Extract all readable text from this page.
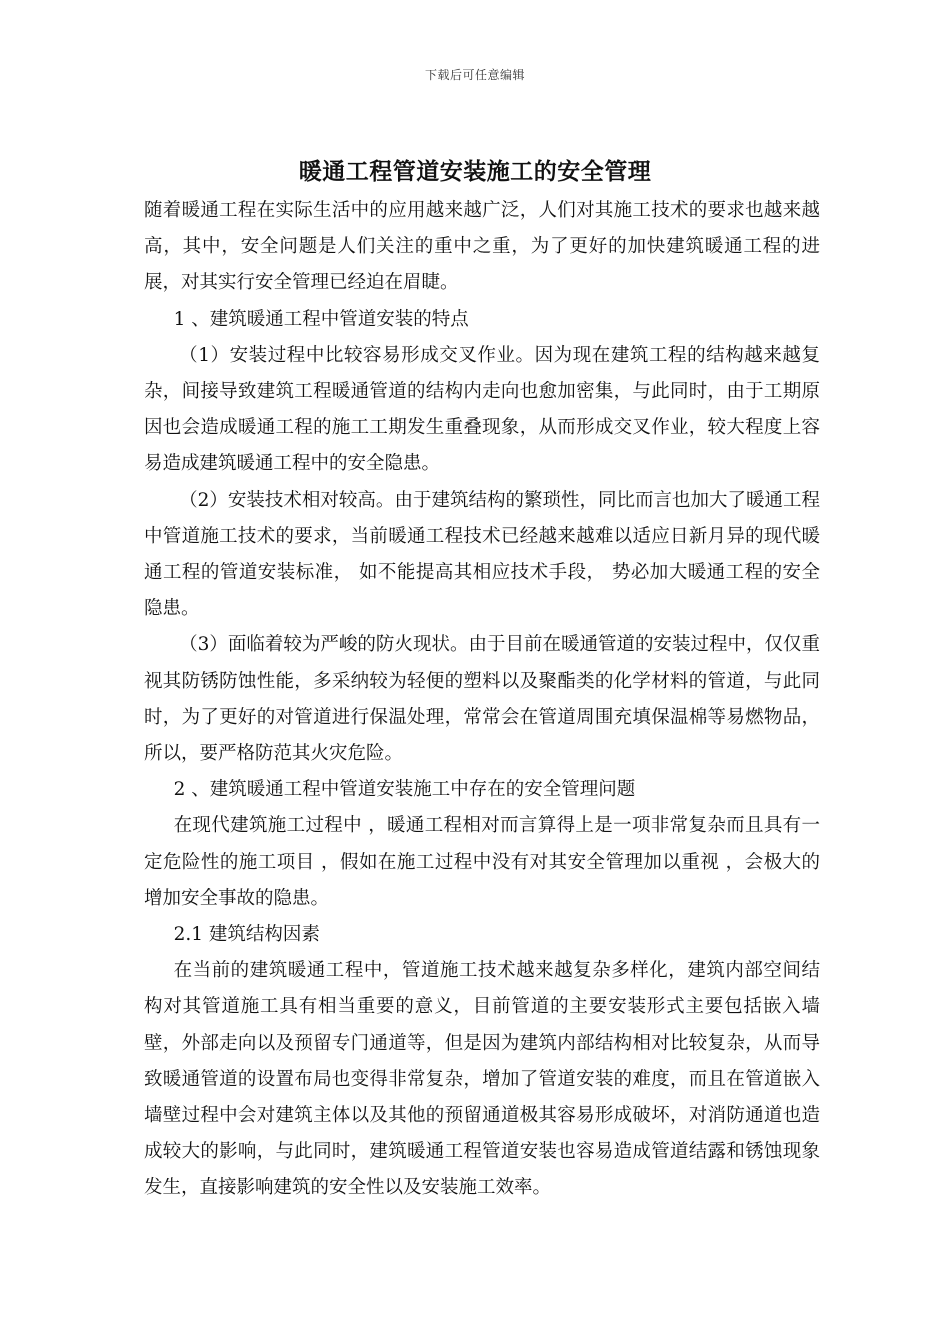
下载后可任意编辑
暖通工程管道安装施工的安全管理

随着暖通工程在实际生活中的应用越来越广泛，人们对其施工技术的要求也越来越高，其中，安全问题是人们关注的重中之重，为了更好的加快建筑暖通工程的进展，对其实行安全管理已经迫在眉睫。

1 、建筑暖通工程中管道安装的特点

（1）安装过程中比较容易形成交叉作业。因为现在建筑工程的结构越来越复杂，间接导致建筑工程暖通管道的结构内走向也愈加密集，与此同时，由于工期原因也会造成暖通工程的施工工期发生重叠现象，从而形成交叉作业，较大程度上容易造成建筑暖通工程中的安全隐患。

（2）安装技术相对较高。由于建筑结构的繁琐性，同比而言也加大了暖通工程中管道施工技术的要求，当前暖通工程技术已经越来越难以适应日新月异的现代暖通工程的管道安装标准， 如不能提高其相应技术手段， 势必加大暖通工程的安全隐患。

（3）面临着较为严峻的防火现状。由于目前在暖通管道的安装过程中，仅仅重视其防锈防蚀性能，多采纳较为轻便的塑料以及聚酯类的化学材料的管道，与此同时，为了更好的对管道进行保温处理，常常会在管道周围充填保温棉等易燃物品，所以，要严格防范其火灾危险。

2 、建筑暖通工程中管道安装施工中存在的安全管理问题

在现代建筑施工过程中 ，暖通工程相对而言算得上是一项非常复杂而且具有一定危险性的施工项目 ，假如在施工过程中没有对其安全管理加以重视 ，会极大的增加安全事故的隐患。

2.1 建筑结构因素

在当前的建筑暖通工程中，管道施工技术越来越复杂多样化，建筑内部空间结构对其管道施工具有相当重要的意义，目前管道的主要安装形式主要包括嵌入墙壁，外部走向以及预留专门通道等，但是因为建筑内部结构相对比较复杂，从而导致暖通管道的设置布局也变得非常复杂，增加了管道安装的难度，而且在管道嵌入墙壁过程中会对建筑主体以及其他的预留通道极其容易形成破坏，对消防通道也造成较大的影响，与此同时，建筑暖通工程管道安装也容易造成管道结露和锈蚀现象发生，直接影响建筑的安全性以及安装施工效率。
